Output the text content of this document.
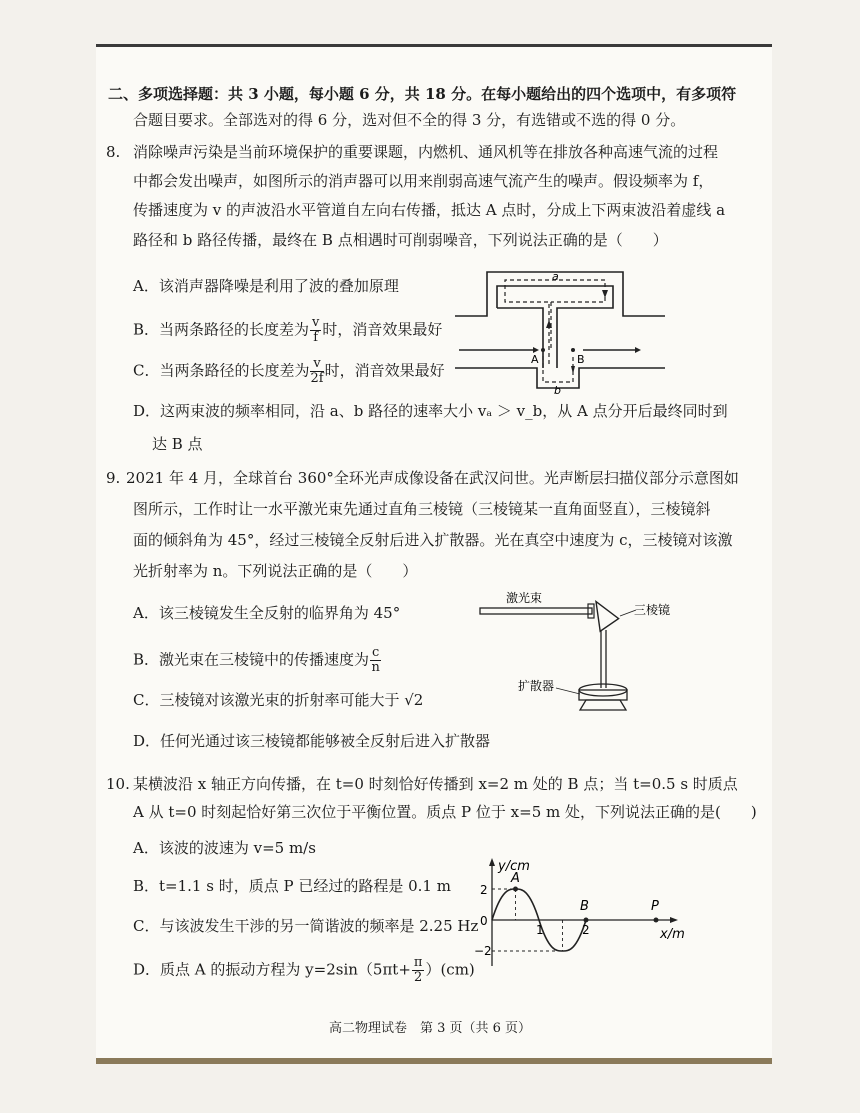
二、多项选择题：共 3 小题，每小题 6 分，共 18 分。在每小题给出的四个选项中，有多项符
合题目要求。全部选对的得 6 分，选对但不全的得 3 分，有选错或不选的得 0 分。
8. 消除噪声污染是当前环境保护的重要课题，内燃机、通风机等在排放各种高速气流的过程
中都会发出噪声，如图所示的消声器可以用来削弱高速气流产生的噪声。假设频率为 f，
传播速度为 v 的声波沿水平管道自左向右传播，抵达 A 点时，分成上下两束波沿着虚线 a
路径和 b 路径传播，最终在 B 点相遇时可削弱噪音，下列说法正确的是（　　）
A．该消声器降噪是利用了波的叠加原理
B．当两条路径的长度差为 $\frac{v}{f}$ 时，消音效果最好
C．当两条路径的长度差为 $\frac{v}{2f}$ 时，消音效果最好
D．这两束波的频率相同，沿 a、b 路径的速率大小 vₐ ＞ v_b，从 A 点分开后最终同时到
达 B 点
a
b
A	B
9. 2021 年 4 月，全球首台 360°全环光声成像设备在武汉问世。光声断层扫描仪部分示意图如
图所示，工作时让一水平激光束先通过直角三棱镜（三棱镜某一直角面竖直），三棱镜斜
面的倾斜角为 45°，经过三棱镜全反射后进入扩散器。光在真空中速度为 c，三棱镜对该激
光折射率为 n。下列说法正确的是（　　）
A．该三棱镜发生全反射的临界角为 45°
B．激光束在三棱镜中的传播速度为 $\frac{c}{n}$
C．三棱镜对该激光束的折射率可能大于 √2
D．任何光通过该三棱镜都能够被全反射后进入扩散器
激光束
三棱镜
扩散器
10. 某横波沿 x 轴正方向传播，在 t=0 时刻恰好传播到 x=2 m 处的 B 点；当 t=0.5 s 时质点
A 从 t=0 时刻起恰好第三次位于平衡位置。质点 P 位于 x=5 m 处，下列说法正确的是(　　)
A．该波的波速为 v=5 m/s
B．t=1.1 s 时，质点 P 已经过的路程是 0.1 m
C．与该波发生干涉的另一简谐波的频率是 2.25 Hz
D．质点 A 的振动方程为 $y=2\sin(5\pi t+ \frac{\pi}{2} )(cm)$
y/cm
x/m
2
−2
0
1	2
A
B	P
高二物理试卷　第 3 页（共 6 页）
